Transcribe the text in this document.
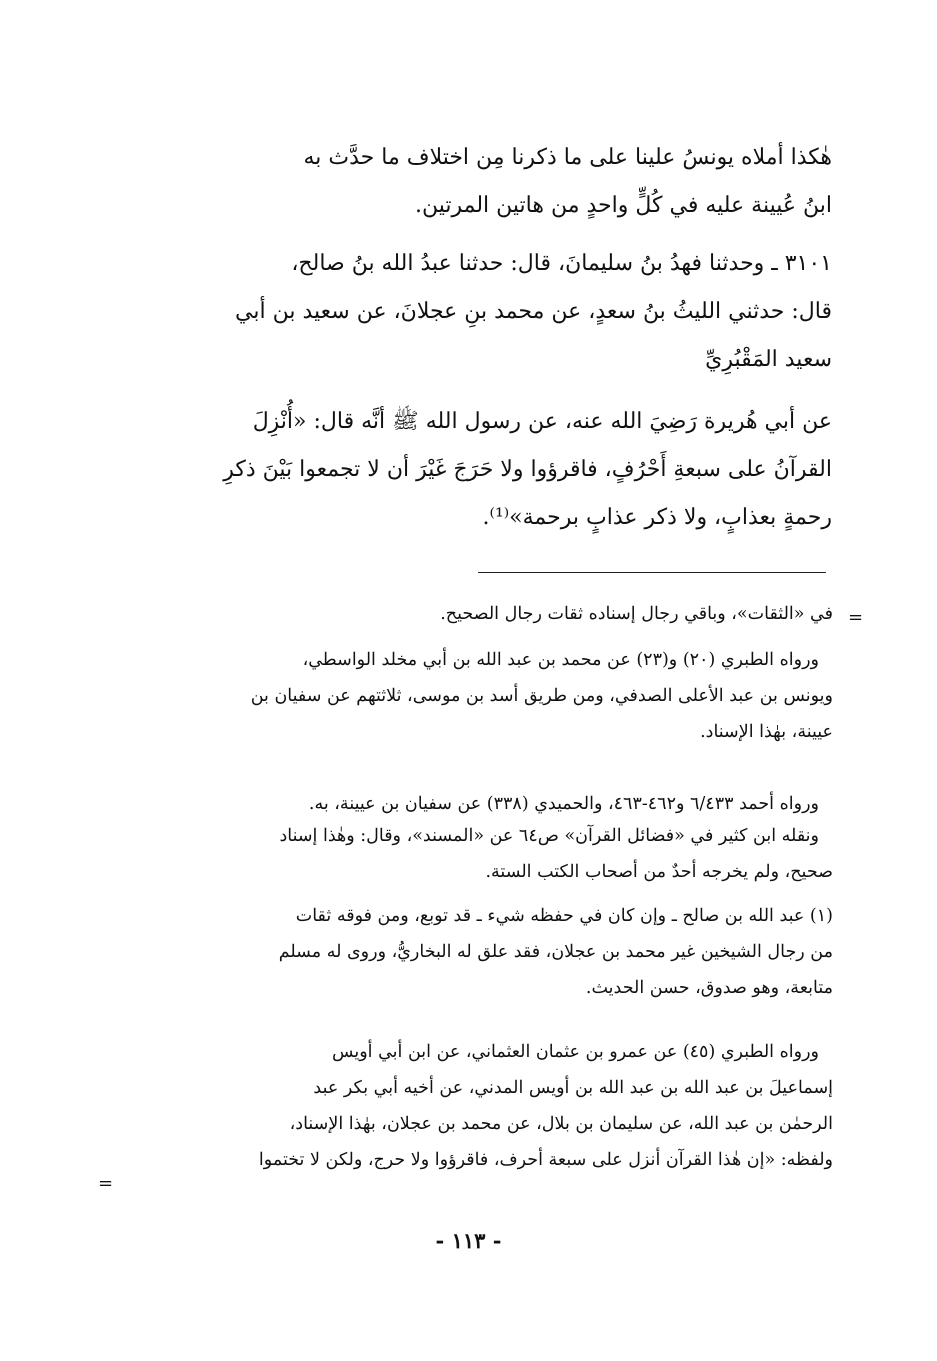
هٰكذا أملاه يونسُ علينا على ما ذكرنا مِن اختلاف ما حدَّث به
ابنُ عُيينة عليه في كُلٍّ واحدٍ من هاتين المرتين.
٣١٠١ ـ وحدثنا فهدُ بنُ سليمانَ، قال: حدثنا عبدُ الله بنُ صالح،
قال: حدثني الليثُ بنُ سعدٍ، عن محمد بنِ عجلانَ، عن سعيد بن أبي
سعيد المَقْبُرِيِّ
عن أبي هُريرة رَضِيَ الله عنه، عن رسول الله ﷺ أنَّه قال: «أُنْزِلَ
القرآنُ على سبعةِ أَحْرُفٍ، فاقرؤوا ولا حَرَجَ غَيْرَ أن لا تجمعوا بَيْنَ ذكرِ
رحمةٍ بعذابٍ، ولا ذكر عذابٍ برحمة»⁽¹⁾.
=
في «الثقات»، وباقي رجال إسناده ثقات رجال الصحيح.
ورواه الطبري (٢٠) و(٢٣) عن محمد بن عبد الله بن أبي مخلد الواسطي،
ويونس بن عبد الأعلى الصدفي، ومن طريق أسد بن موسى، ثلاثتهم عن سفيان بن
عيينة، بهٰذا الإسناد.
ورواه أحمد ٦/٤٣٣ و٤٦٢-٤٦٣، والحميدي (٣٣٨) عن سفيان بن عيينة، به.
ونقله ابن كثير في «فضائل القرآن» ص٦٤ عن «المسند»، وقال: وهٰذا إسناد
صحيح، ولم يخرجه أحدٌ من أصحاب الكتب الستة.
(١) عبد الله بن صالح ـ وإن كان في حفظه شيء ـ قد توبع، ومن فوقه ثقات
من رجال الشيخين غير محمد بن عجلان، فقد علق له البخاريُّ، وروى له مسلم
متابعة، وهو صدوق، حسن الحديث.
ورواه الطبري (٤٥) عن عمرو بن عثمان العثماني، عن ابن أبي أويس
إسماعيلَ بن عبد الله بن عبد الله بن أويس المدني، عن أخيه أبي بكر عبد
الرحمٰن بن عبد الله، عن سليمان بن بلال، عن محمد بن عجلان، بهٰذا الإسناد،
ولفظه: «إن هٰذا القرآن أنزل على سبعة أحرف، فاقرؤوا ولا حرج، ولكن لا تختموا
=
- ١١٣ -
